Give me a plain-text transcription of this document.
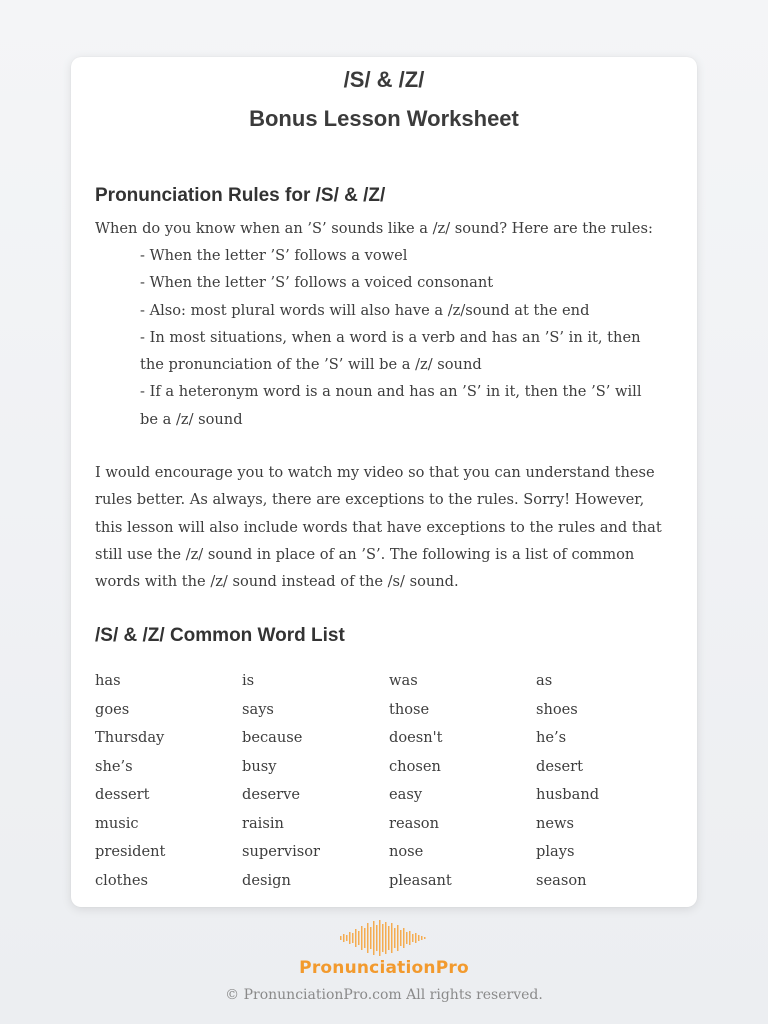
/S/ & /Z/
Bonus Lesson Worksheet
Pronunciation Rules for /S/ & /Z/
When do you know when an ’S’ sounds like a /z/ sound? Here are the rules:
- When the letter ’S’ follows a vowel
- When the letter ’S’ follows a voiced consonant
- Also: most plural words will also have a /z/sound at the end
- In most situations, when a word is a verb and has an ’S’ in it, then the pronunciation of the ’S’ will be a /z/ sound
- If a heteronym word is a noun and has an ’S’ in it, then the ’S’ will be a /z/ sound
I would encourage you to watch my video so that you can understand these rules better. As always, there are exceptions to the rules. Sorry! However, this lesson will also include words that have exceptions to the rules and that still use the /z/ sound in place of an ’S’. The following is a list of common words with the /z/ sound instead of the /s/ sound.
/S/ & /Z/ Common Word List
has	is	was	as
goes	says	those	shoes
Thursday	because	doesn't	he’s
she’s	busy	chosen	desert
dessert	deserve	easy	husband
music	raisin	reason	news
president	supervisor	nose	plays
clothes	design	pleasant	season
PronunciationPro
© PronunciationPro.com All rights reserved.
